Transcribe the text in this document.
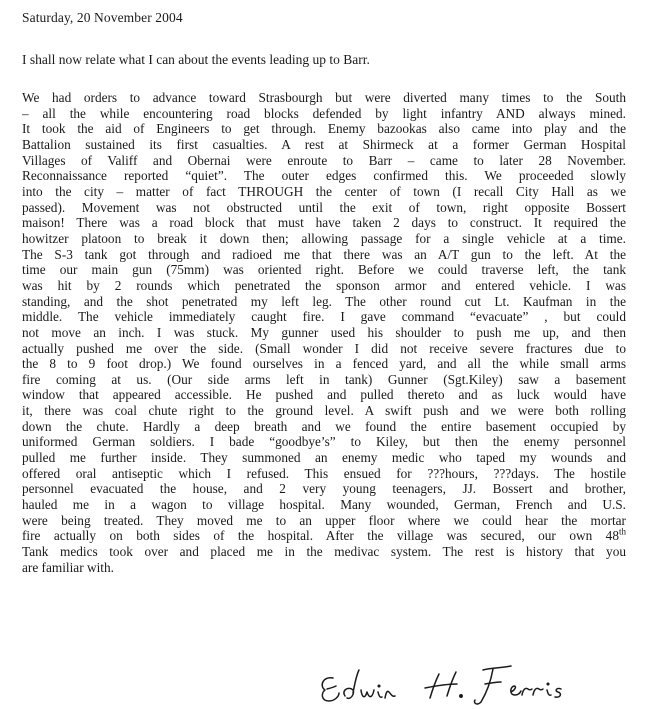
Saturday, 20 November 2004
I shall now relate what I can about the events leading up to Barr.
We had orders to advance toward Strasbourgh but were diverted many times to the South
– all the while encountering road blocks defended by light infantry AND always mined.
It took the aid of Engineers to get through. Enemy bazookas also came into play and the
Battalion sustained its first casualties. A rest at Shirmeck at a former German Hospital
Villages of Valiff and Obernai were enroute to Barr – came to later 28 November.
Reconnaissance reported “quiet”. The outer edges confirmed this. We proceeded slowly
into the city – matter of fact THROUGH the center of town (I recall City Hall as we
passed). Movement was not obstructed until the exit of town, right opposite Bossert
maison! There was a road block that must have taken 2 days to construct. It required the
howitzer platoon to break it down then; allowing passage for a single vehicle at a time.
The S-3 tank got through and radioed me that there was an A/T gun to the left. At the
time our main gun (75mm) was oriented right. Before we could traverse left, the tank
was hit by 2 rounds which penetrated the sponson armor and entered vehicle. I was
standing, and the shot penetrated my left leg. The other round cut Lt. Kaufman in the
middle. The vehicle immediately caught fire. I gave command “evacuate” , but could
not move an inch. I was stuck. My gunner used his shoulder to push me up, and then
actually pushed me over the side. (Small wonder I did not receive severe fractures due to
the 8 to 9 foot drop.) We found ourselves in a fenced yard, and all the while small arms
fire coming at us. (Our side arms left in tank) Gunner (Sgt.Kiley) saw a basement
window that appeared accessible. He pushed and pulled thereto and as luck would have
it, there was coal chute right to the ground level. A swift push and we were both rolling
down the chute. Hardly a deep breath and we found the entire basement occupied by
uniformed German soldiers. I bade “goodbye’s” to Kiley, but then the enemy personnel
pulled me further inside. They summoned an enemy medic who taped my wounds and
offered oral antiseptic which I refused. This ensued for ???hours, ???days. The hostile
personnel evacuated the house, and 2 very young teenagers, JJ. Bossert and brother,
hauled me in a wagon to village hospital. Many wounded, German, French and U.S.
were being treated. They moved me to an upper floor where we could hear the mortar
fire actually on both sides of the hospital. After the village was secured, our own 48th
Tank medics took over and placed me in the medivac system. The rest is history that you
are familiar with.
